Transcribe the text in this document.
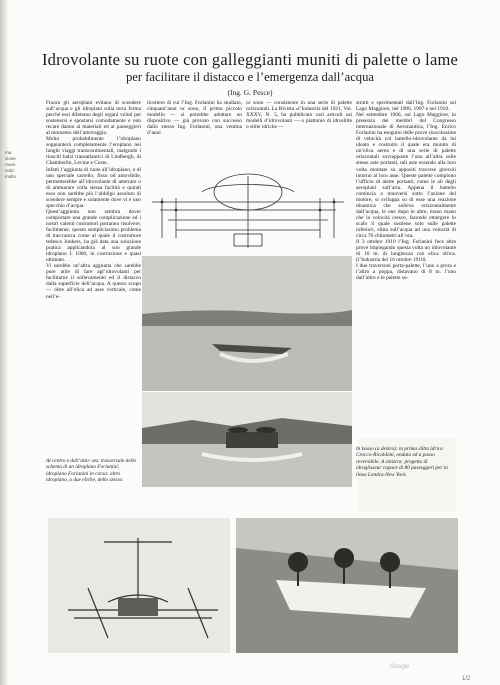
ma
zione
Avan-
notiz
molto
Idrovolante su ruote con galleggianti muniti di palette o lame
per facilitare il distacco e l’emergenza dall’acqua
(Ing. G. Pesce)
Finora gli aeroplani evitano di scendere sull’acqua e gli idroplani sulla terra ferma perchè essi difettano degli organi voluti per sostenersi e spostarsi comodamente e non recare danno ai materiali ed ai passeggieri al momento dell’atterraggio.
Molto probabilmente l’idroplano soppianterà completamente l’eroplano nei lunghi viaggi transcontinentali, malgrado i riusciti balzi transatlantici di Lindbergh, di Chamberlin, Levine e Coste.
Infatti l’aggiunta di ruote all’idroplano, o di uno speciale carrello, fisso od amovibile, permetterebbe all’idrovolante di atterrare o di ammarare colla stessa facilità e quindi esso non sarebbe più l’obbligo assoluto di scendere sempre e solamente dove vi è uno specchio d’acqua.
Quest’aggiunta non sembra dover comportare una grande complicazione ed i nostri valenti costruttori potranno risolvere, facilmente, questo semplicissimo problema di meccanica come al quale il costruttore tedesco Junkers, ha già data una soluzione pratica applicandola al suo grande idroplano J. 1000, in costruzione e quasi ultimato.
Vi sarebbe un’altra aggiunta che sarebbe pure utile di fare agl’idrovolanti per facilitarne il sollevamento ed il distacco dalla superficie dell’acqua. A questo scopo — oltre all’elica ad asse verticale, come nell’e-
licottero di cui l’Ing. Forlanini ha studiato, cinquant’anni or sono, il primo piccolo modello — si potrebbe adottare un dispositivo — già provato con successo dallo stesso Ing. Forlanini, una ventina d’anni
or sono — consistente in una serie di palette orizzontali. La Rivista «l’Industria del 1921, Vol. XXXV, N. 5, ha pubblicato vari articoli sui modelli d’idrovolanti — o piattonio di idroslitte o slitte idriche —
strutti e sperimentati dall’Ing. Forlanini sul Lago Maggiore, nel 1906, 1907 e nel 1910.
Nel settembre 1906, sul Lago Maggiore, in presenza dei membri del Congresso internazionale di Aeronautica, l’Ing. Enrico Forlanini ha eseguito delle prove riuscitissime di velocità col battello-idrovolante da lui ideato e costruito il quale era munito di un’elica aerea e di una serie di palette orizzontali sovrapposte l’una all’altra sulle stesse aste portanti, tali aste essendo alla loro volta montate su appositi traverse girevoli intorno al loro asse. Queste palette compiono l’ufficio di alette portanti, come le ali degli aeroplani sull’aria. Appena il battello comincia a muoversi sotto l’azione del motore, si sviluppa su di esse una reazione dinamica che solleva orizzontalmente dall’acqua, le une dopo le altre, mano mano che la velocità cresce, facendo emergere lo scafo il quale sostiene solo sulle palette inferiori, slitta sull’acqua ad una velocità di circa 70 chilometri all’ora.
Il 3 ottobre 1910 l’Ing. Forlanini fece altre prove impiegando questa volta un idrovolante di 10 m. di lunghezza con elica idrica. (l’Industria del 16 ottobre 1910).
I due traversoni porta-palette, l’uno a prora e l’altro a poppa, distavano di 8 m. l’uno dall’altro e le palette so-
Al centro e dall’alto: sez. trasversale dello schema di un idroplano Forlanini; idroplano Forlanini in corsa: altro idroplano, a due eliche, dello stesso.
In basso (a destra): la prima slitta idrica Crocco-Ricaldoni, ondata ed a passo reversibile. A sinistra: progetto di idroglisseur capace di 80 passeggeri per la linea Londra-New York.
Google
1/2
